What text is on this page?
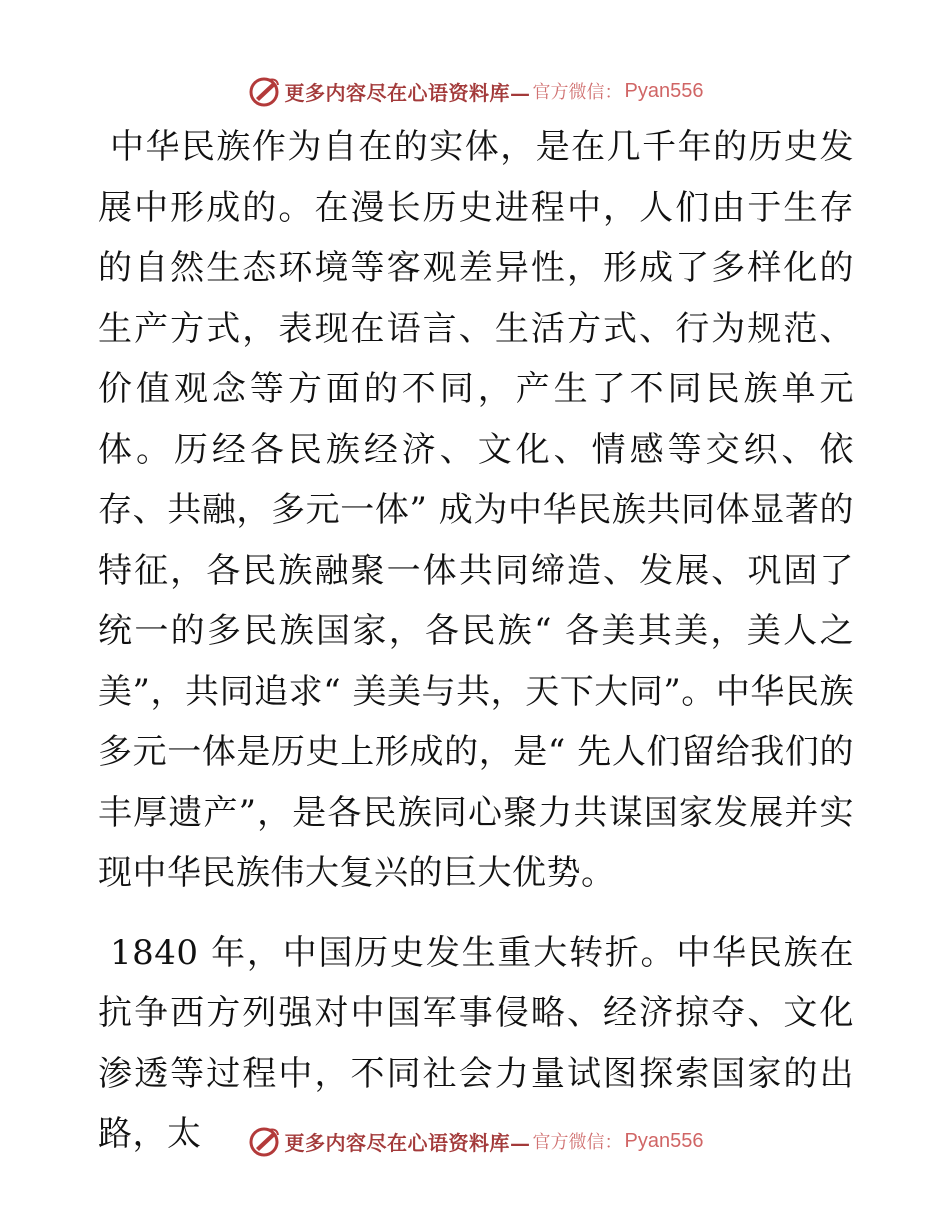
更多内容尽在心语资料库— 官方微信： Pyan556

中华民族作为自在的实体，是在几千年的历史发展中形成的。在漫长历史进程中，人们由于生存的自然生态环境等客观差异性，形成了多样化的生产方式，表现在语言、生活方式、行为规范、价值观念等方面的不同，产生了不同民族单元体。历经各民族经济、文化、情感等交织、依存、共融，多元一体” 成为中华民族共同体显著的特征，各民族融聚一体共同缔造、发展、巩固了统一的多民族国家，各民族“ 各美其美，美人之美”，共同追求“ 美美与共，天下大同”。中华民族多元一体是历史上形成的，是“ 先人们留给我们的丰厚遗产”，是各民族同心聚力共谋国家发展并实现中华民族伟大复兴的巨大优势。

1840 年，中国历史发生重大转折。中华民族在抗争西方列强对中国军事侵略、经济掠夺、文化渗透等过程中，不同社会力量试图探索国家的出路，太	更多内容尽在心语资料库— 官方微信： Pyan556
